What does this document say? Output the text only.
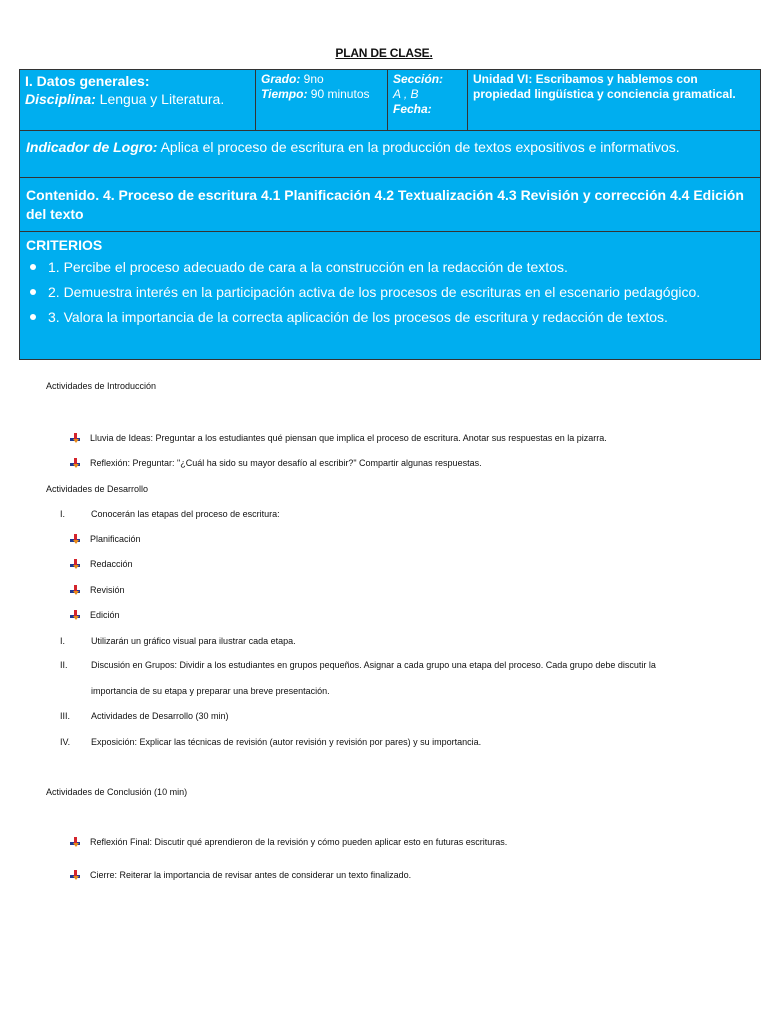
PLAN DE CLASE.
I. Datos generales:
Disciplina: Lengua y Literatura.
Grado: 9no
Tiempo: 90 minutos
Sección:
A , B
Fecha:
Unidad VI: Escribamos y hablemos con propiedad lingüística y conciencia gramatical.
Indicador de Logro: Aplica el proceso de escritura en la producción de textos expositivos e informativos.
Contenido. 4. Proceso de escritura 4.1 Planificación 4.2 Textualización 4.3 Revisión y corrección 4.4 Edición del texto
CRITERIOS
1. Percibe el proceso adecuado de cara a la construcción en la redacción de textos.
2. Demuestra interés en la participación activa de los procesos de escrituras en el escenario pedagógico.
3. Valora la importancia de la correcta aplicación de los procesos de escritura y redacción de textos.
Actividades de Introducción
Lluvia de Ideas: Preguntar a los estudiantes qué piensan que implica el proceso de escritura. Anotar sus respuestas en la pizarra.
Reflexión: Preguntar: "¿Cuál ha sido su mayor desafío al escribir?" Compartir algunas respuestas.
Actividades de Desarrollo
I.	Conocerán las etapas del proceso de escritura:
Planificación
Redacción
Revisión
Edición
I.	Utilizarán un gráfico visual para ilustrar cada etapa.
II.	Discusión en Grupos: Dividir a los estudiantes en grupos pequeños. Asignar a cada grupo una etapa del proceso. Cada grupo debe discutir la
importancia de su etapa y preparar una breve presentación.
III. Actividades de Desarrollo (30 min)
IV. Exposición: Explicar las técnicas de revisión (autor revisión y revisión por pares) y su importancia.
Actividades de Conclusión (10 min)
Reflexión Final: Discutir qué aprendieron de la revisión y cómo pueden aplicar esto en futuras escrituras.
Cierre: Reiterar la importancia de revisar antes de considerar un texto finalizado.
